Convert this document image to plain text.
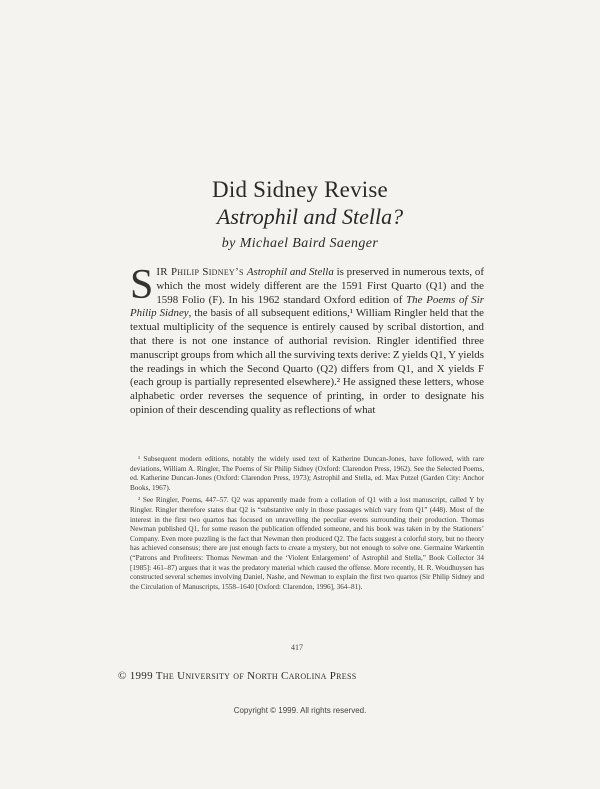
Did Sidney Revise
Astrophil and Stella?
by Michael Baird Saenger
SIR Philip Sidney’s Astrophil and Stella is preserved in numerous texts, of which the most widely different are the 1591 First Quarto (Q1) and the 1598 Folio (F). In his 1962 standard Oxford edition of The Poems of Sir Philip Sidney, the basis of all subsequent editions,¹ William Ringler held that the textual multiplicity of the sequence is entirely caused by scribal distortion, and that there is not one instance of authorial revision. Ringler identified three manuscript groups from which all the surviving texts derive: Z yields Q1, Y yields the readings in which the Second Quarto (Q2) differs from Q1, and X yields F (each group is partially represented elsewhere).² He assigned these letters, whose alphabetic order reverses the sequence of printing, in order to designate his opinion of their descending quality as reflections of what

¹ Subsequent modern editions, notably the widely used text of Katherine Duncan-Jones, have followed, with rare deviations, William A. Ringler, The Poems of Sir Philip Sidney (Oxford: Clarendon Press, 1962). See the Selected Poems, ed. Katherine Duncan-Jones (Oxford: Clarendon Press, 1973); Astrophil and Stella, ed. Max Putzel (Garden City: Anchor Books, 1967).

² See Ringler, Poems, 447–57. Q2 was apparently made from a collation of Q1 with a lost manuscript, called Y by Ringler. Ringler therefore states that Q2 is “substantive only in those passages which vary from Q1” (448). Most of the interest in the first two quartos has focused on unravelling the peculiar events surrounding their production. Thomas Newman published Q1, for some reason the publication offended someone, and his book was taken in by the Stationers’ Company. Even more puzzling is the fact that Newman then produced Q2. The facts suggest a colorful story, but no theory has achieved consensus; there are just enough facts to create a mystery, but not enough to solve one. Germaine Warkentin (“Patrons and Profiteers: Thomas Newman and the ‘Violent Enlargement’ of Astrophil and Stella,” Book Collector 34 [1985]: 461–87) argues that it was the predatory material which caused the offense. More recently, H. R. Woudhuysen has constructed several schemes involving Daniel, Nashe, and Newman to explain the first two quartos (Sir Philip Sidney and the Circulation of Manuscripts, 1558–1640 [Oxford: Clarendon, 1996], 364–81).

417
© 1999 The University of North Carolina Press
Copyright © 1999. All rights reserved.
